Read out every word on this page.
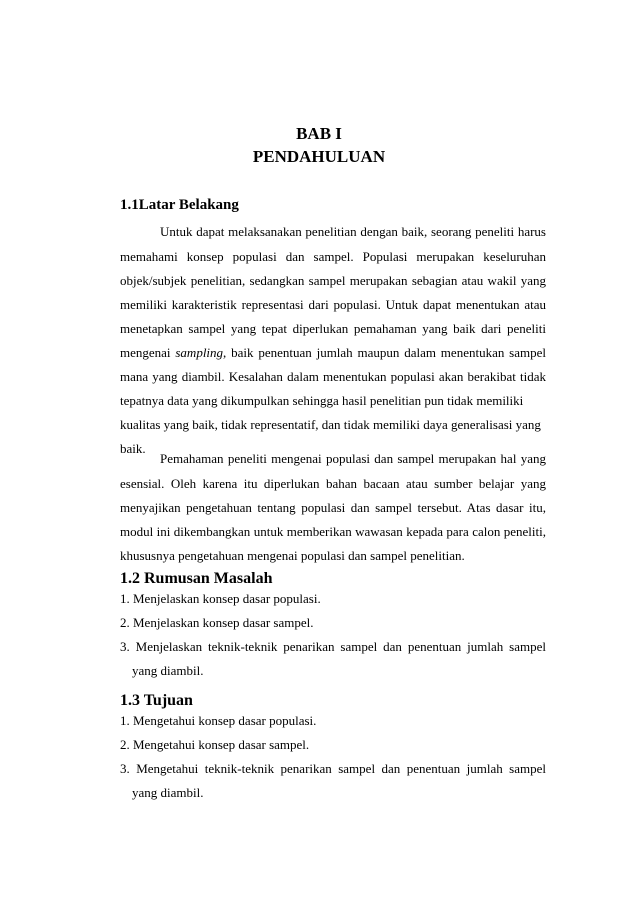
BAB I
PENDAHULUAN
1.1Latar Belakang
Untuk dapat melaksanakan penelitian dengan baik, seorang peneliti harus
memahami konsep populasi dan sampel. Populasi merupakan keseluruhan
objek/subjek penelitian, sedangkan sampel merupakan sebagian atau wakil yang
memiliki karakteristik representasi dari populasi. Untuk dapat menentukan atau
menetapkan sampel yang tepat diperlukan pemahaman yang baik dari peneliti
mengenai sampling, baik penentuan jumlah maupun dalam menentukan sampel
mana yang diambil. Kesalahan dalam menentukan populasi akan berakibat tidak
tepatnya data yang dikumpulkan sehingga hasil penelitian pun tidak memiliki
kualitas yang baik, tidak representatif, dan tidak memiliki daya generalisasi yang
baik.
Pemahaman peneliti mengenai populasi dan sampel merupakan hal yang
esensial. Oleh karena itu diperlukan bahan bacaan atau sumber belajar yang
menyajikan pengetahuan tentang populasi dan sampel tersebut. Atas dasar itu,
modul ini dikembangkan untuk memberikan wawasan kepada para calon peneliti,
khususnya pengetahuan mengenai populasi dan sampel penelitian.
1.2 Rumusan Masalah
1. Menjelaskan konsep dasar populasi.
2. Menjelaskan konsep dasar sampel.
3. Menjelaskan teknik-teknik penarikan sampel dan penentuan jumlah sampel
yang diambil.
1.3 Tujuan
1. Mengetahui konsep dasar populasi.
2. Mengetahui konsep dasar sampel.
3. Mengetahui teknik-teknik penarikan sampel dan penentuan jumlah sampel
yang diambil.
